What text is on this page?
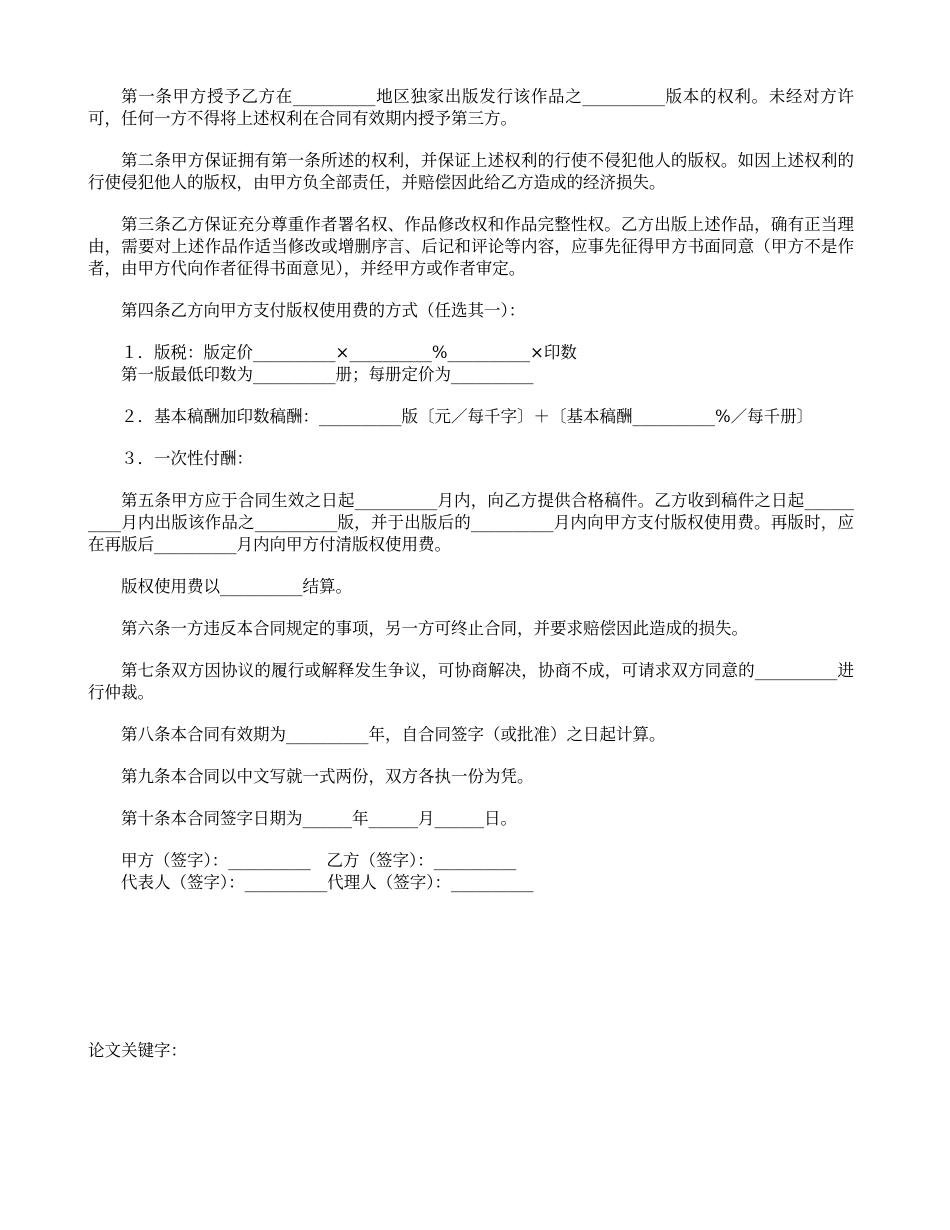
第一条甲方授予乙方在__________地区独家出版发行该作品之__________版本的权利。未经对方许可，任何一方不得将上述权利在合同有效期内授予第三方。

第二条甲方保证拥有第一条所述的权利，并保证上述权利的行使不侵犯他人的版权。如因上述权利的行使侵犯他人的版权，由甲方负全部责任，并赔偿因此给乙方造成的经济损失。

第三条乙方保证充分尊重作者署名权、作品修改权和作品完整性权。乙方出版上述作品，确有正当理由，需要对上述作品作适当修改或增删序言、后记和评论等内容，应事先征得甲方书面同意（甲方不是作者，由甲方代向作者征得书面意见），并经甲方或作者审定。

第四条乙方向甲方支付版权使用费的方式（任选其一）：

１．版税：版定价__________×__________%__________×印数

第一版最低印数为__________册；每册定价为__________

２．基本稿酬加印数稿酬：__________版〔元／每千字〕＋〔基本稿酬__________%／每千册〕

３．一次性付酬：

第五条甲方应于合同生效之日起__________月内，向乙方提供合格稿件。乙方收到稿件之日起__________月内出版该作品之__________版，并于出版后的__________月内向甲方支付版权使用费。再版时，应在再版后__________月内向甲方付清版权使用费。

版权使用费以__________结算。

第六条一方违反本合同规定的事项，另一方可终止合同，并要求赔偿因此造成的损失。

第七条双方因协议的履行或解释发生争议，可协商解决，协商不成，可请求双方同意的__________进行仲裁。

第八条本合同有效期为__________年，自合同签字（或批准）之日起计算。

第九条本合同以中文写就一式两份，双方各执一份为凭。

第十条本合同签字日期为______年______月______日。

甲方（签字）：__________   乙方（签字）：__________

代表人（签字）：__________代理人（签字）：__________

论文关键字：
